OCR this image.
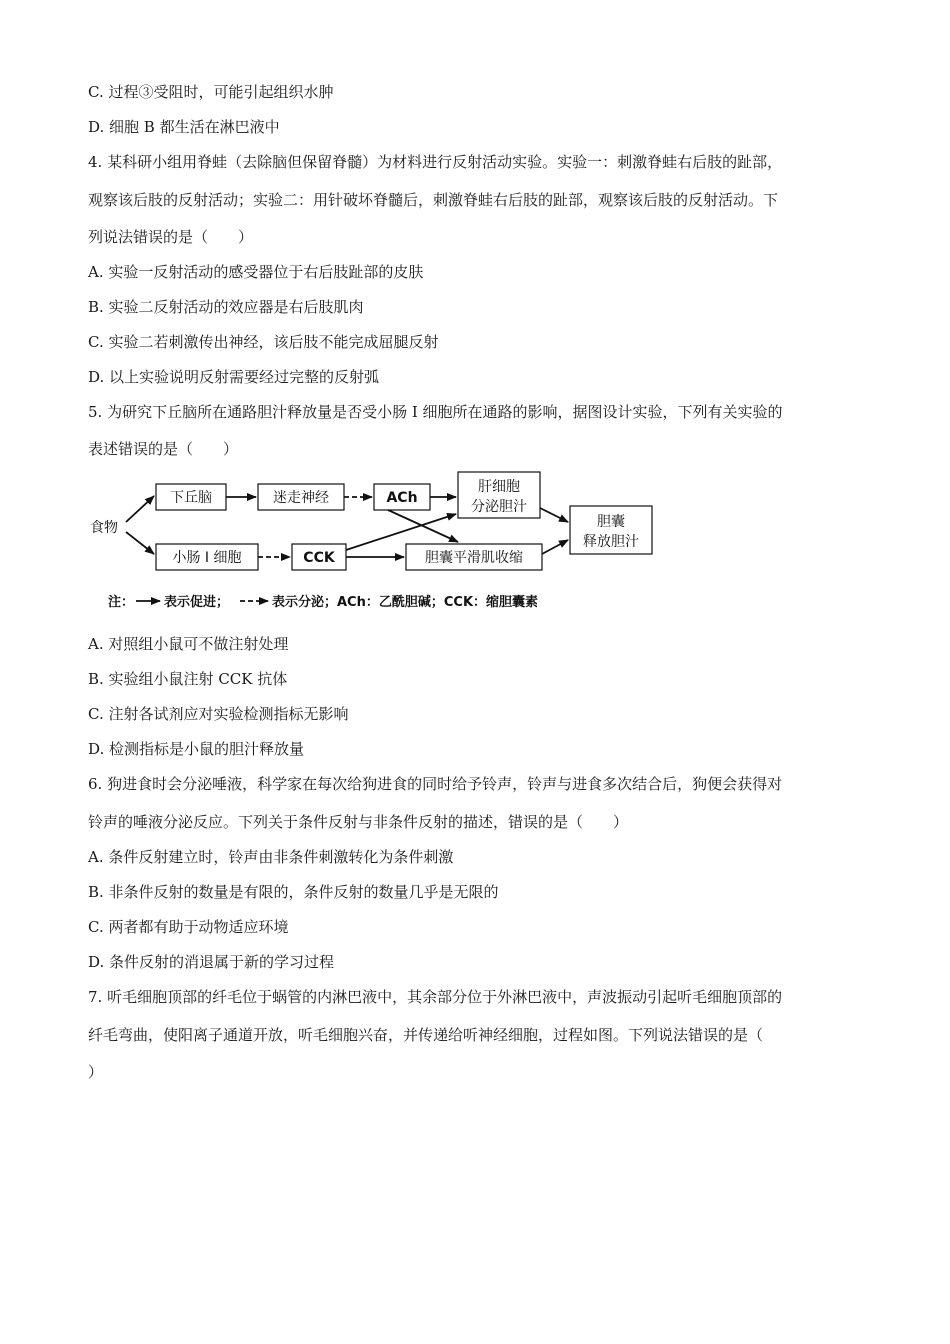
C. 过程③受阻时，可能引起组织水肿
D. 细胞 B 都生活在淋巴液中
4. 某科研小组用脊蛙（去除脑但保留脊髓）为材料进行反射活动实验。实验一：刺激脊蛙右后肢的趾部，
观察该后肢的反射活动；实验二：用针破坏脊髓后，刺激脊蛙右后肢的趾部，观察该后肢的反射活动。下
列说法错误的是（　　）
A. 实验一反射活动的感受器位于右后肢趾部的皮肤
B. 实验二反射活动的效应器是右后肢肌肉
C. 实验二若刺激传出神经，该后肢不能完成屈腿反射
D. 以上实验说明反射需要经过完整的反射弧
5. 为研究下丘脑所在通路胆汁释放量是否受小肠 I 细胞所在通路的影响，据图设计实验，下列有关实验的
表述错误的是（　　）
食物
下丘脑	迷走神经	ACh
肝细胞
分泌胆汁
胆囊
释放胆汁
小肠 I 细胞	CCK	胆囊平滑肌收缩
注： 表示促进；	表示分泌；ACh：乙酰胆碱；CCK：缩胆囊素
A. 对照组小鼠可不做注射处理
B. 实验组小鼠注射 CCK 抗体
C. 注射各试剂应对实验检测指标无影响
D. 检测指标是小鼠的胆汁释放量
6. 狗进食时会分泌唾液，科学家在每次给狗进食的同时给予铃声，铃声与进食多次结合后，狗便会获得对
铃声的唾液分泌反应。下列关于条件反射与非条件反射的描述，错误的是（　　）
A. 条件反射建立时，铃声由非条件刺激转化为条件刺激
B. 非条件反射的数量是有限的，条件反射的数量几乎是无限的
C. 两者都有助于动物适应环境
D. 条件反射的消退属于新的学习过程
7. 听毛细胞顶部的纤毛位于蜗管的内淋巴液中，其余部分位于外淋巴液中，声波振动引起听毛细胞顶部的
纤毛弯曲，使阳离子通道开放，听毛细胞兴奋，并传递给听神经细胞，过程如图。下列说法错误的是（
）
